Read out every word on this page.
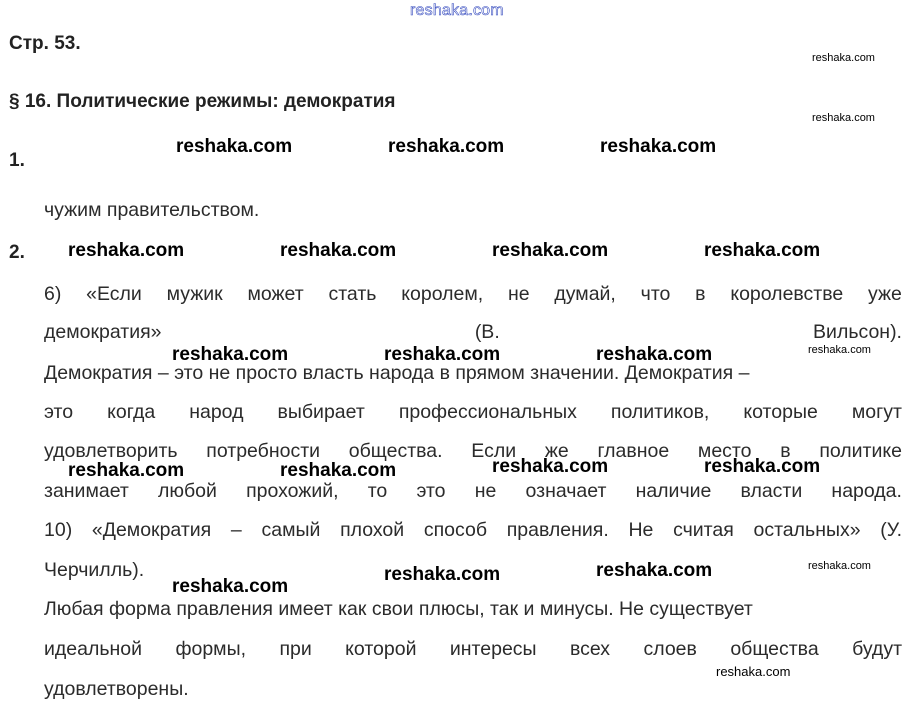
reshaka.com
Стр. 53.
§ 16. Политические режимы: демократия
1.
чужим правительством.
2.
6) «Если мужик может стать королем, не думай, что в королевстве уже
демократия»	(В.	Вильсон).
Демократия – это не просто власть народа в прямом значении. Демократия –
это когда народ выбирает профессиональных политиков, которые могут
удовлетворить потребности общества. Если же главное место в политике
занимает любой прохожий, то это не означает наличие власти народа.
10) «Демократия – самый плохой способ правления. Не считая остальных» (У.
Черчилль).
Любая форма правления имеет как свои плюсы, так и минусы. Не существует
идеальной формы, при которой интересы всех слоев общества будут
удовлетворены.
reshaka.com
reshaka.com
reshaka.com	reshaka.com	reshaka.com
reshaka.com	reshaka.com	reshaka.com	reshaka.com
reshaka.com	reshaka.com	reshaka.com	reshaka.com
reshaka.com	reshaka.com	reshaka.com	reshaka.com
reshaka.com
reshaka.com	reshaka.com	reshaka.com
reshaka.com
